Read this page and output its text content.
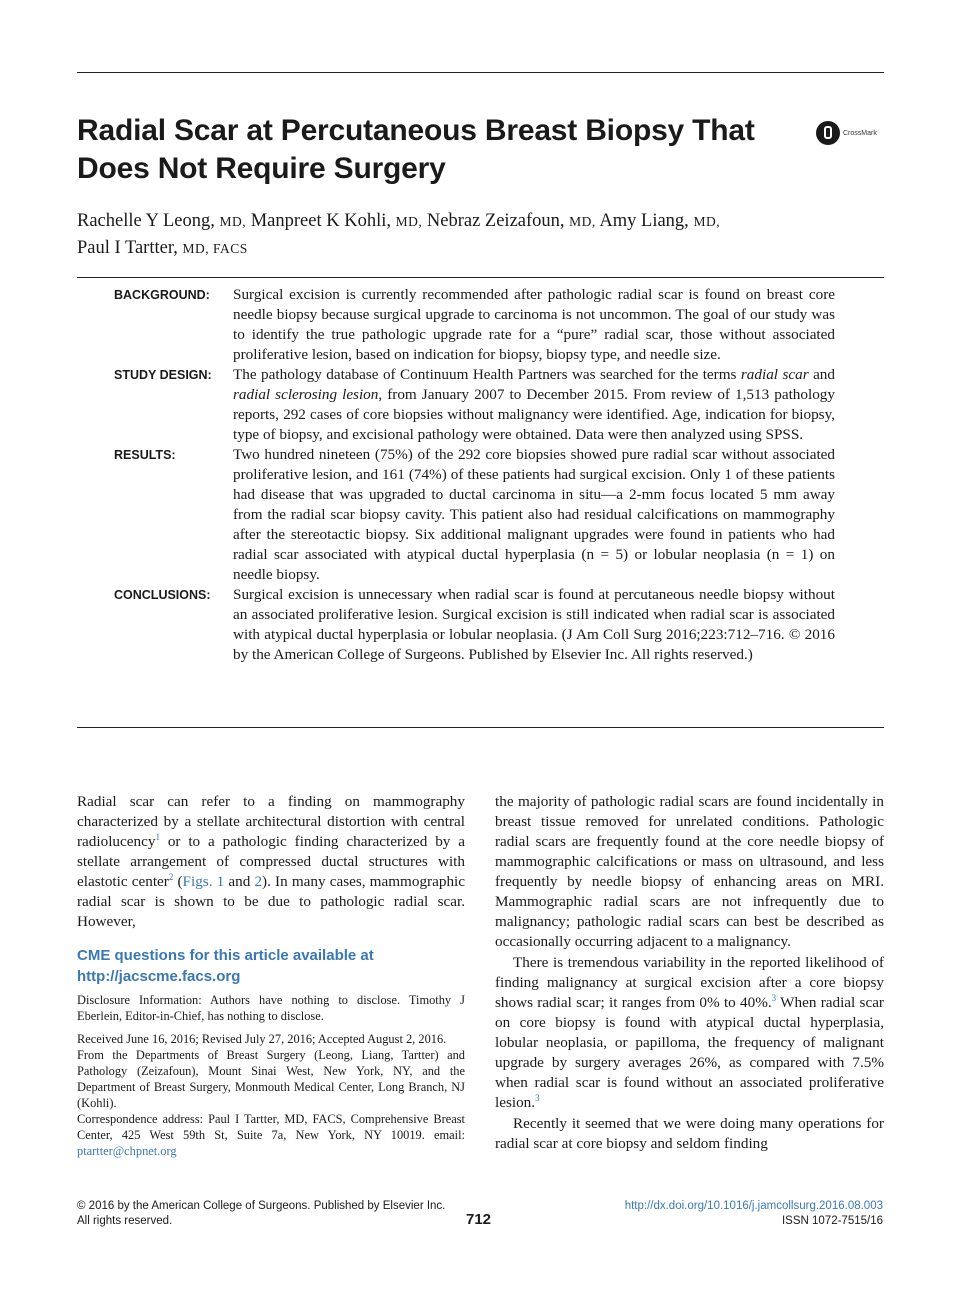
Radial Scar at Percutaneous Breast Biopsy That Does Not Require Surgery
CrossMark
Rachelle Y Leong, MD, Manpreet K Kohli, MD, Nebraz Zeizafoun, MD, Amy Liang, MD,
Paul I Tartter, MD, FACS
BACKGROUND:	Surgical excision is currently recommended after pathologic radial scar is found on breast core needle biopsy because surgical upgrade to carcinoma is not uncommon. The goal of our study was to identify the true pathologic upgrade rate for a “pure” radial scar, those without associated proliferative lesion, based on indication for biopsy, biopsy type, and needle size.
STUDY DESIGN:	The pathology database of Continuum Health Partners was searched for the terms radial scar and radial sclerosing lesion, from January 2007 to December 2015. From review of 1,513 pathology reports, 292 cases of core biopsies without malignancy were identified. Age, indication for biopsy, type of biopsy, and excisional pathology were obtained. Data were then analyzed using SPSS.
RESULTS:	Two hundred nineteen (75%) of the 292 core biopsies showed pure radial scar without associated proliferative lesion, and 161 (74%) of these patients had surgical excision. Only 1 of these patients had disease that was upgraded to ductal carcinoma in situ—a 2-mm focus located 5 mm away from the radial scar biopsy cavity. This patient also had residual calcifications on mammography after the stereotactic biopsy. Six additional malignant upgrades were found in patients who had radial scar associated with atypical ductal hyperplasia (n = 5) or lobular neoplasia (n = 1) on needle biopsy.
CONCLUSIONS:	Surgical excision is unnecessary when radial scar is found at percutaneous needle biopsy without an associated proliferative lesion. Surgical excision is still indicated when radial scar is associated with atypical ductal hyperplasia or lobular neoplasia. (J Am Coll Surg 2016;223:712–716. © 2016 by the American College of Surgeons. Published by Elsevier Inc. All rights reserved.)

Radial scar can refer to a finding on mammography characterized by a stellate architectural distortion with central radiolucency$^1$ or to a pathologic finding characterized by a stellate arrangement of compressed ductal structures with elastotic center$^2$ (Figs. 1 and 2). In many cases, mammographic radial scar is shown to be due to pathologic radial scar. However,

CME questions for this article available at
http://jacscme.facs.org
Disclosure Information: Authors have nothing to disclose. Timothy J Eberlein, Editor-in-Chief, has nothing to disclose.

Received June 16, 2016; Revised July 27, 2016; Accepted August 2, 2016.

From the Departments of Breast Surgery (Leong, Liang, Tartter) and Pathology (Zeizafoun), Mount Sinai West, New York, NY, and the Department of Breast Surgery, Monmouth Medical Center, Long Branch, NJ (Kohli).

Correspondence address: Paul I Tartter, MD, FACS, Comprehensive Breast Center, 425 West 59th St, Suite 7a, New York, NY 10019. email: ptartter@chpnet.org

the majority of pathologic radial scars are found incidentally in breast tissue removed for unrelated conditions. Pathologic radial scars are frequently found at the core needle biopsy of mammographic calcifications or mass on ultrasound, and less frequently by needle biopsy of enhancing areas on MRI. Mammographic radial scars are not infrequently due to malignancy; pathologic radial scars can best be described as occasionally occurring adjacent to a malignancy.

There is tremendous variability in the reported likelihood of finding malignancy at surgical excision after a core biopsy shows radial scar; it ranges from 0% to 40%.$^3$ When radial scar on core biopsy is found with atypical ductal hyperplasia, lobular neoplasia, or papilloma, the frequency of malignant upgrade by surgery averages 26%, as compared with 7.5% when radial scar is found without an associated proliferative lesion.$^3$

Recently it seemed that we were doing many operations for radial scar at core biopsy and seldom finding

© 2016 by the American College of Surgeons. Published by Elsevier Inc.
All rights reserved.	712
http://dx.doi.org/10.1016/j.jamcollsurg.2016.08.003
ISSN 1072-7515/16
